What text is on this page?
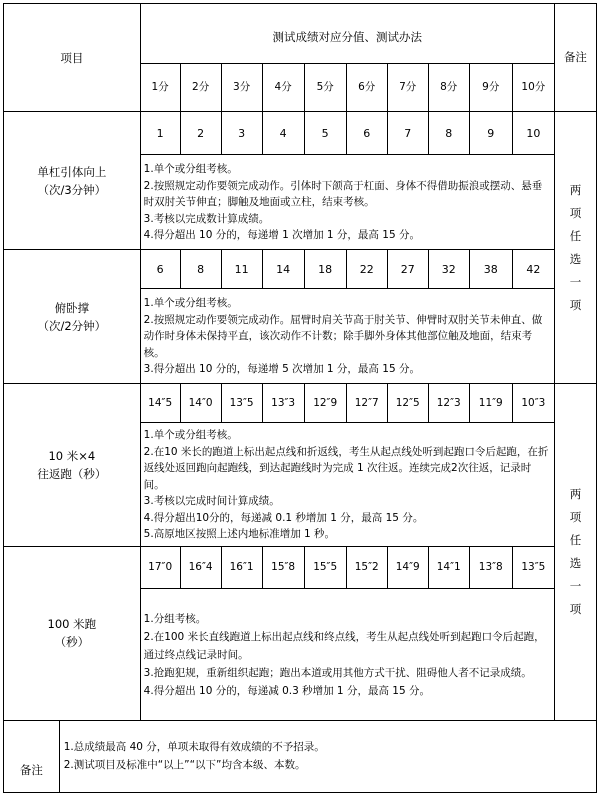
项目		测试成绩对应分值、测试办法										备注
		1分	2分	3分	4分	5分	6分	7分	8分	9分	10分	

单杠引体向上
（次/3分钟）		1	2	3	4	5	6	7	8	9	10	两项任选一项

		1.单个或分组考核。
2.按照规定动作要领完成动作。引体时下颌高于杠面、身体不得借助振浪或摆动、悬垂时双肘关节伸直；脚触及地面或立柱，结束考核。
3.考核以完成数计算成绩。
4.得分超出 10 分的，每递增 1 次增加 1 分，最高 15 分。										

俯卧撑
（次/2分钟）		6	8	11	14	18	22	27	32	38	42	

		1.单个或分组考核。
2.按照规定动作要领完成动作。屈臂时肩关节高于肘关节、伸臂时双肘关节未伸直、做动作时身体未保持平直，该次动作不计数；除手脚外身体其他部位触及地面，结束考核。
3.得分超出 10 分的，每递增 5 次增加 1 分，最高 15 分。										

10 米×4
往返跑（秒）		14″5	14″0	13″5	13″3	12″9	12″7	12″5	12″3	11″9	10″3	两项任选一项

		1.单个或分组考核。
2.在10 米长的跑道上标出起点线和折返线，考生从起点线处听到起跑口令后起跑，在折返线处返回跑向起跑线，到达起跑线时为完成 1 次往返。连续完成2次往返，记录时间。
3.考核以完成时间计算成绩。
4.得分超出10分的，每递减 0.1 秒增加 1 分，最高 15 分。
5.高原地区按照上述内地标准增加 1 秒。										

100 米跑
（秒）		17″0	16″4	16″1	15″8	15″5	15″2	14″9	14″1	13″8	13″5	

		1.分组考核。
2.在100 米长直线跑道上标出起点线和终点线，考生从起点线处听到起跑口令后起跑，通过终点线记录时间。
3.抢跑犯规，重新组织起跑；跑出本道或用其他方式干扰、阻碍他人者不记录成绩。
4.得分超出 10 分的，每递减 0.3 秒增加 1 分，最高 15 分。										

备注	1.总成绩最高 40 分，单项未取得有效成绩的不予招录。
2.测试项目及标准中“以上”“以下”均含本级、本数。											
